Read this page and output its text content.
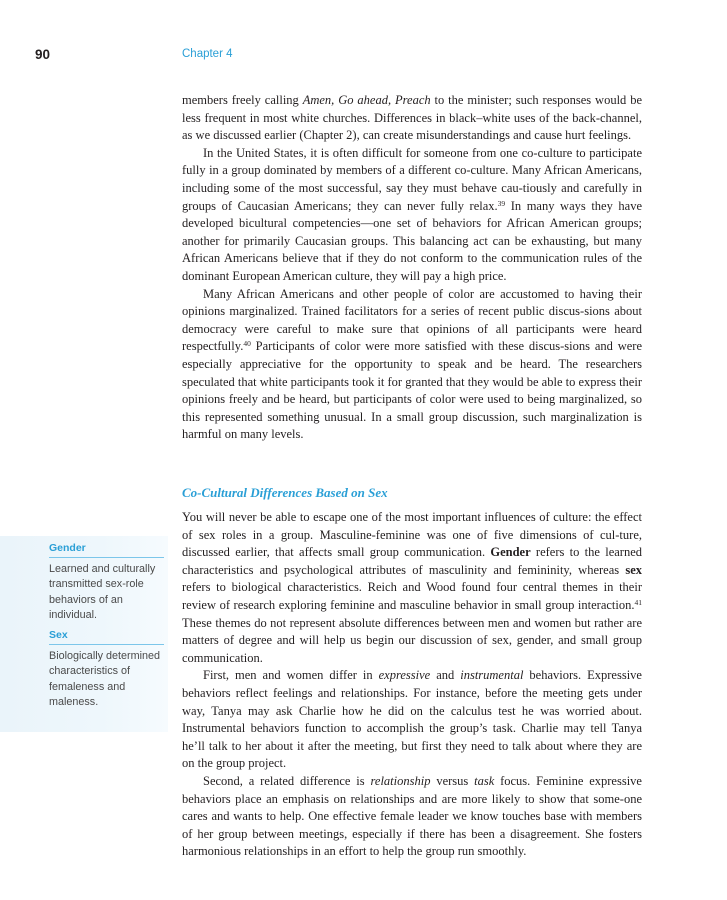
90	Chapter 4

members freely calling Amen, Go ahead, Preach to the minister; such responses would be less frequent in most white churches. Differences in black–white uses of the back-channel, as we discussed earlier (Chapter 2), can create misunderstandings and cause hurt feelings.

In the United States, it is often difficult for someone from one co-culture to participate fully in a group dominated by members of a different co-culture. Many African Americans, including some of the most successful, say they must behave cau-tiously and carefully in groups of Caucasian Americans; they can never fully relax.$^{39}$ In many ways they have developed bicultural competencies—one set of behaviors for African American groups; another for primarily Caucasian groups. This balancing act can be exhausting, but many African Americans believe that if they do not conform to the communication rules of the dominant European American culture, they will pay a high price.

Many African Americans and other people of color are accustomed to having their opinions marginalized. Trained facilitators for a series of recent public discus-sions about democracy were careful to make sure that opinions of all participants were heard respectfully.$^{40}$ Participants of color were more satisfied with these discus-sions and were especially appreciative for the opportunity to speak and be heard. The researchers speculated that white participants took it for granted that they would be able to express their opinions freely and be heard, but participants of color were used to being marginalized, so this represented something unusual. In a small group discussion, such marginalization is harmful on many levels.

Co-Cultural Differences Based on Sex

You will never be able to escape one of the most important influences of culture: the effect of sex roles in a group. Masculine-feminine was one of five dimensions of cul-ture, discussed earlier, that affects small group communication. Gender refers to the learned characteristics and psychological attributes of masculinity and femininity, whereas sex refers to biological characteristics. Reich and Wood found four central themes in their review of research exploring feminine and masculine behavior in small group interaction.$^{41}$ These themes do not represent absolute differences between men and women but rather are matters of degree and will help us begin our discussion of sex, gender, and small group communication.

First, men and women differ in expressive and instrumental behaviors. Expressive behaviors reflect feelings and relationships. For instance, before the meeting gets under way, Tanya may ask Charlie how he did on the calculus test he was worried about. Instrumental behaviors function to accomplish the group’s task. Charlie may tell Tanya he’ll talk to her about it after the meeting, but first they need to talk about where they are on the group project.

Second, a related difference is relationship versus task focus. Feminine expressive behaviors place an emphasis on relationships and are more likely to show that some-one cares and wants to help. One effective female leader we know touches base with members of her group between meetings, especially if there has been a disagreement. She fosters harmonious relationships in an effort to help the group run smoothly.

Gender
Learned and culturally transmitted sex-role behaviors of an individual.
Sex
Biologically determined characteristics of femaleness and maleness.
